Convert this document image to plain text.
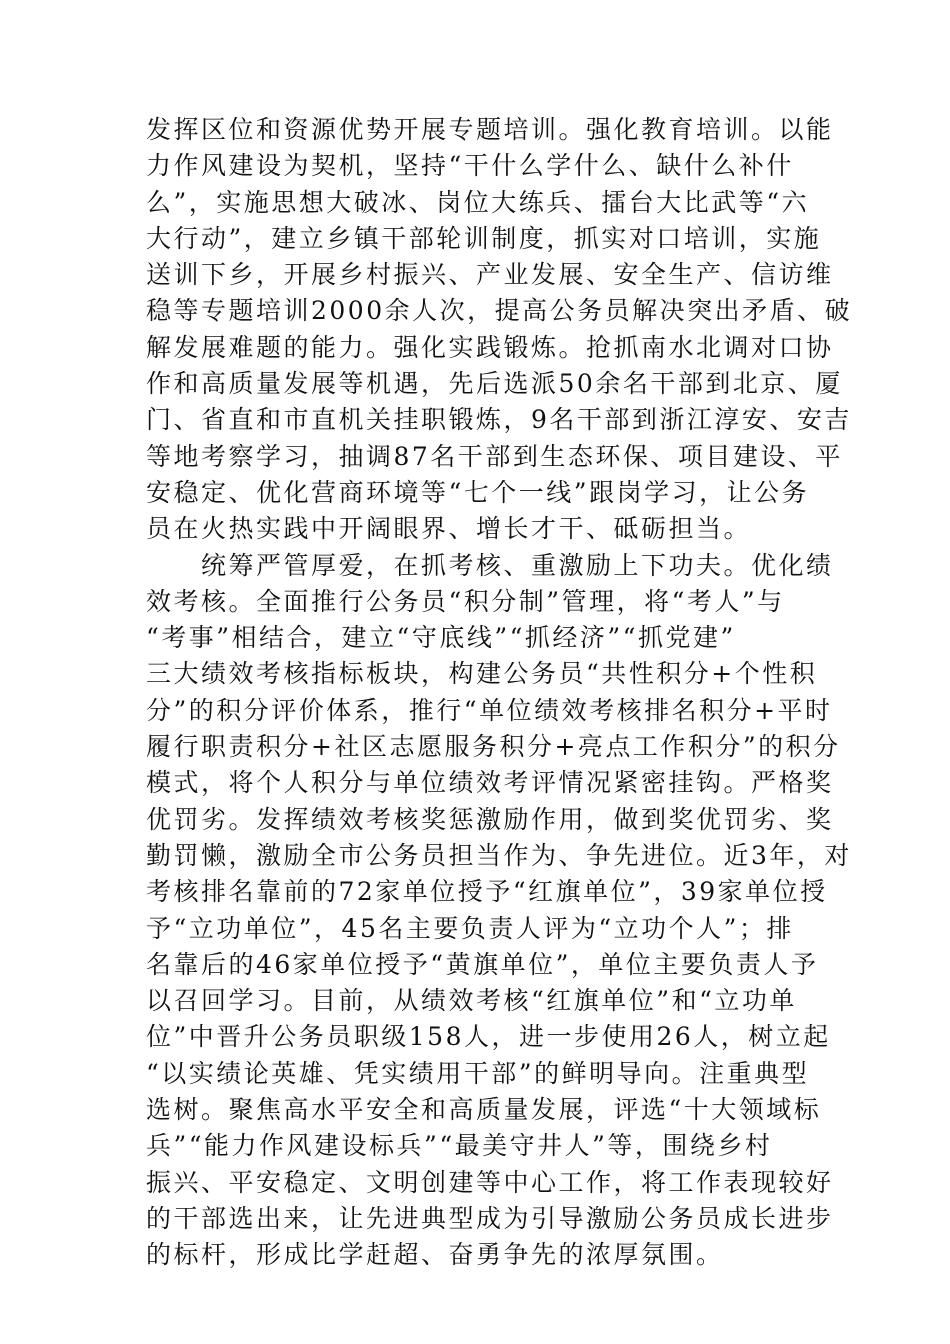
发挥区位和资源优势开展专题培训。强化教育培训。以能
力作风建设为契机，坚持“干什么学什么、缺什么补什
么”，实施思想大破冰、岗位大练兵、擂台大比武等“六
大行动”，建立乡镇干部轮训制度，抓实对口培训，实施
送训下乡，开展乡村振兴、产业发展、安全生产、信访维
稳等专题培训2000余人次，提高公务员解决突出矛盾、破
解发展难题的能力。强化实践锻炼。抢抓南水北调对口协
作和高质量发展等机遇，先后选派50余名干部到北京、厦
门、省直和市直机关挂职锻炼，9名干部到浙江淳安、安吉
等地考察学习，抽调87名干部到生态环保、项目建设、平
安稳定、优化营商环境等“七个一线”跟岗学习，让公务
员在火热实践中开阔眼界、增长才干、砥砺担当。
　　统筹严管厚爱，在抓考核、重激励上下功夫。优化绩
效考核。全面推行公务员“积分制”管理，将“考人”与
“考事”相结合，建立“守底线”“抓经济”“抓党建”
三大绩效考核指标板块，构建公务员“共性积分+个性积
分”的积分评价体系，推行“单位绩效考核排名积分+平时
履行职责积分+社区志愿服务积分+亮点工作积分”的积分
模式，将个人积分与单位绩效考评情况紧密挂钩。严格奖
优罚劣。发挥绩效考核奖惩激励作用，做到奖优罚劣、奖
勤罚懒，激励全市公务员担当作为、争先进位。近3年，对
考核排名靠前的72家单位授予“红旗单位”，39家单位授
予“立功单位”，45名主要负责人评为“立功个人”；排
名靠后的46家单位授予“黄旗单位”，单位主要负责人予
以召回学习。目前，从绩效考核“红旗单位”和“立功单
位”中晋升公务员职级158人，进一步使用26人，树立起
“以实绩论英雄、凭实绩用干部”的鲜明导向。注重典型
选树。聚焦高水平安全和高质量发展，评选“十大领域标
兵”“能力作风建设标兵”“最美守井人”等，围绕乡村
振兴、平安稳定、文明创建等中心工作，将工作表现较好
的干部选出来，让先进典型成为引导激励公务员成长进步
的标杆，形成比学赶超、奋勇争先的浓厚氛围。
